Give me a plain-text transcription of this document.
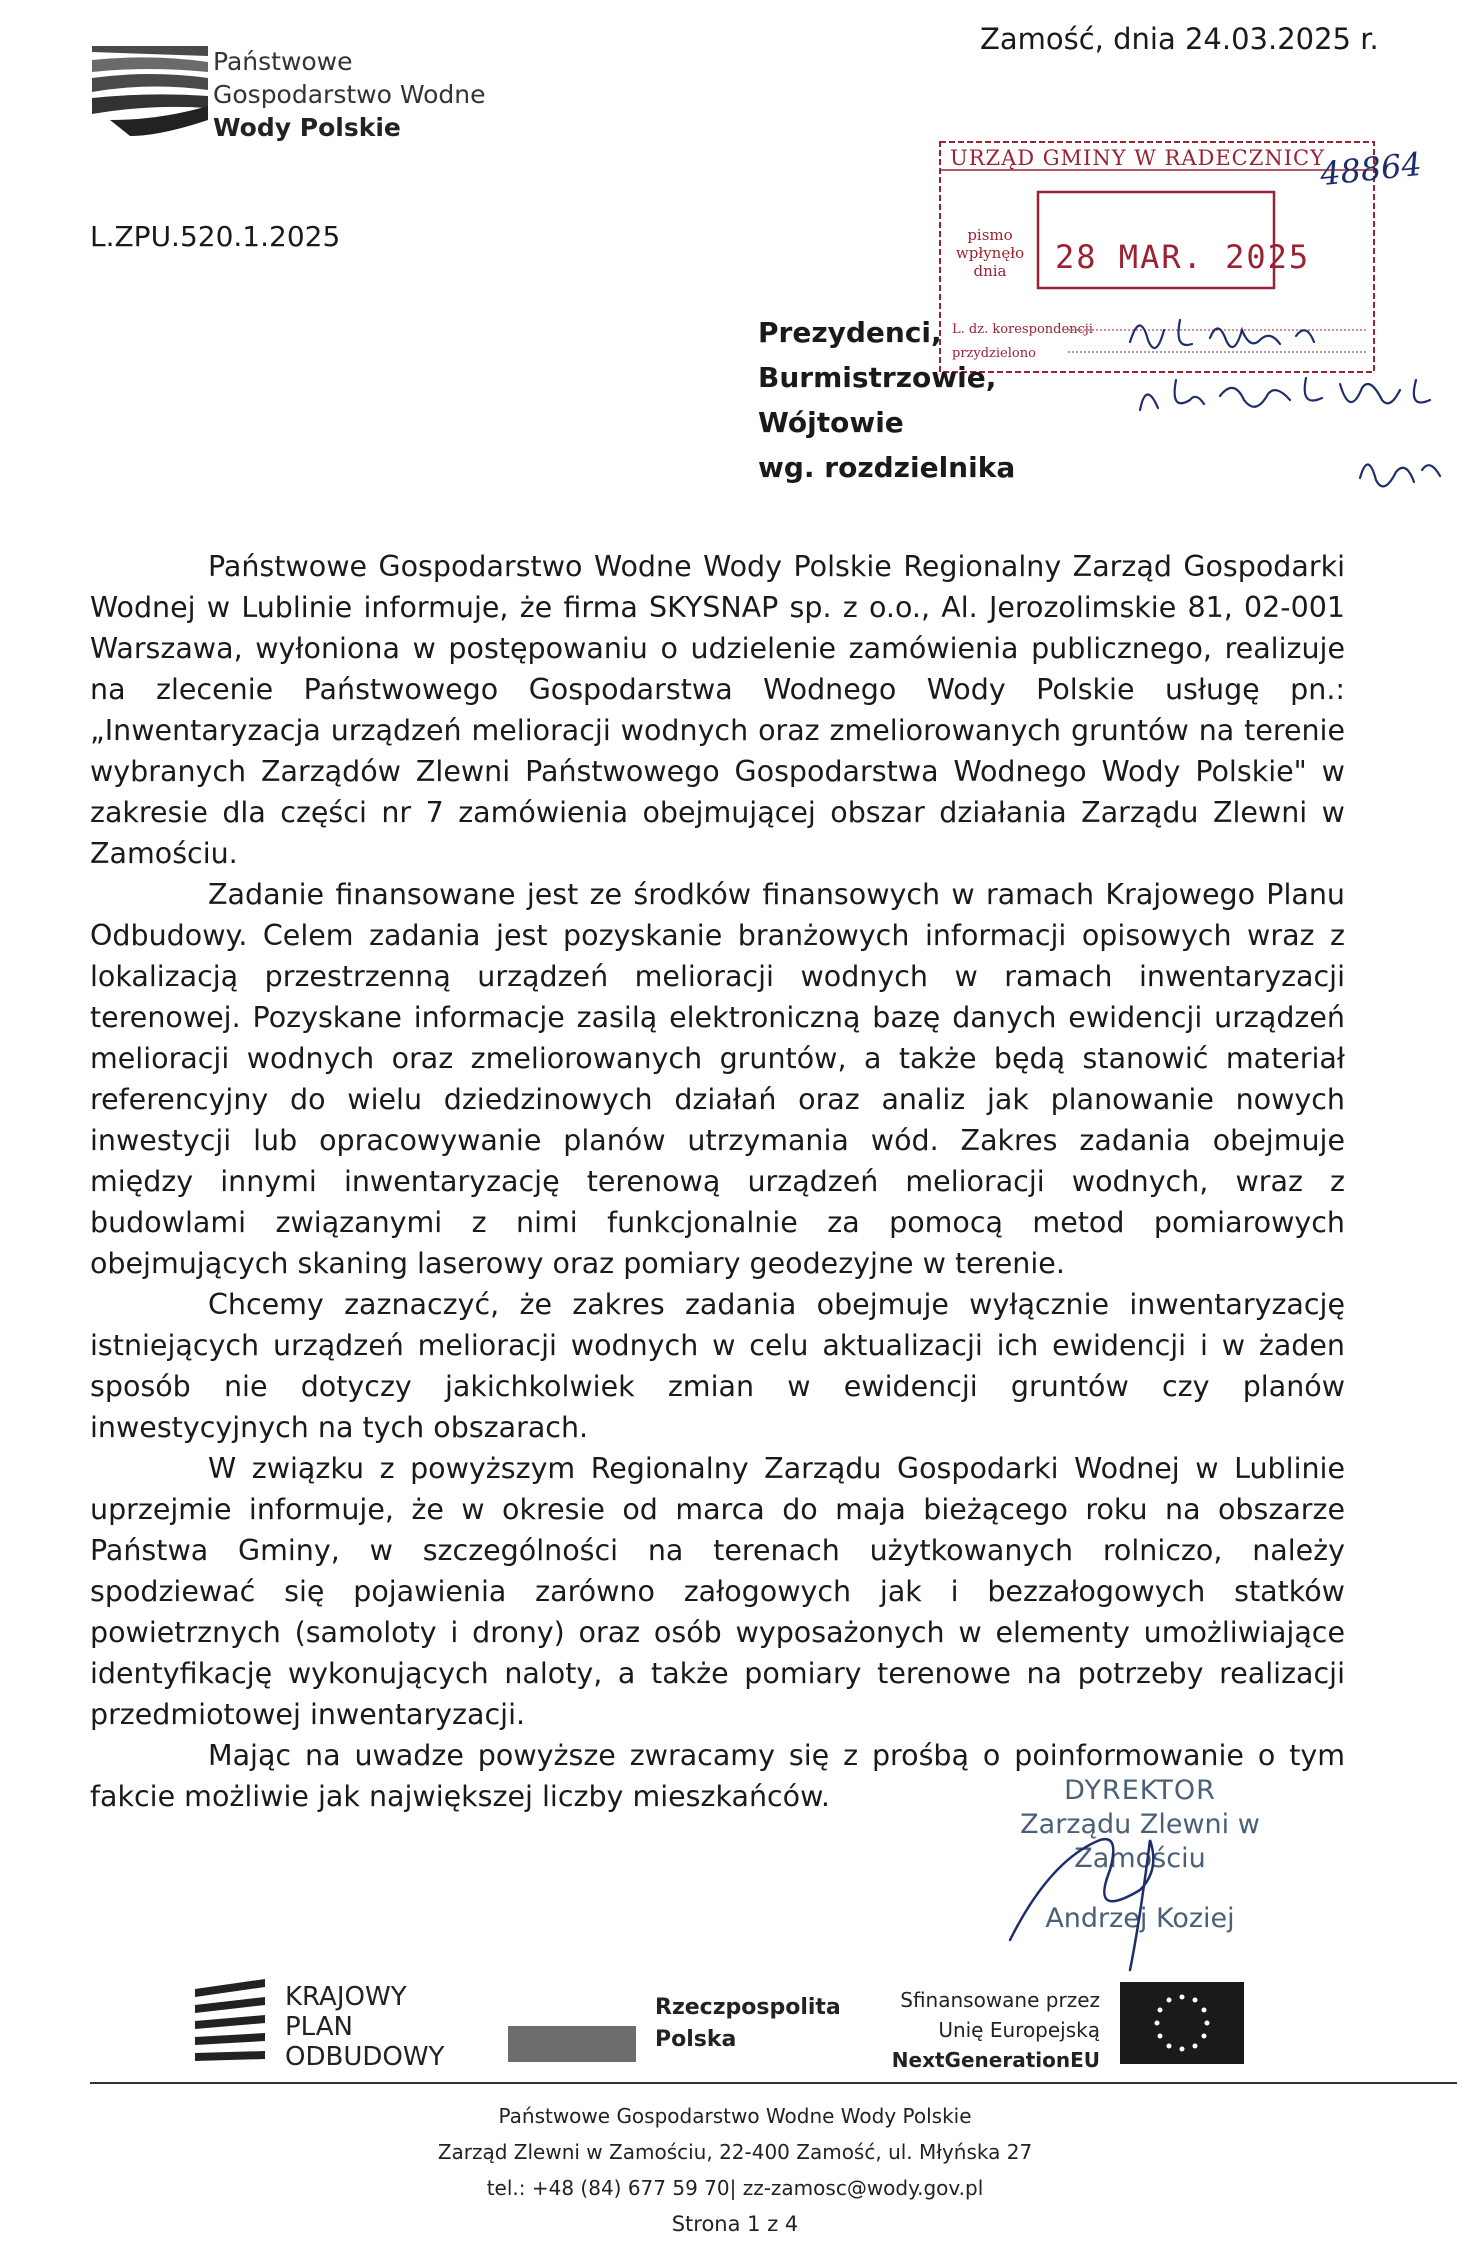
Państwowe
Gospodarstwo Wodne
Wody Polskie
Zamość, dnia 24.03.2025 r.
L.ZPU.520.1.2025
URZĄD GMINY W RADECZNICY
48864
pismo wpłynęło dnia	28 MAR. 2025
L. dz. korespondencji
przydzielono
Prezydenci,
Burmistrzowie,
Wójtowie
wg. rozdzielnika

Państwowe Gospodarstwo Wodne Wody Polskie Regionalny Zarząd Gospodarki Wodnej w Lublinie informuje, że firma SKYSNAP sp. z o.o., Al. Jerozolimskie 81, 02-001 Warszawa, wyłoniona w postępowaniu o udzielenie zamówienia publicznego, realizuje na zlecenie Państwowego Gospodarstwa Wodnego Wody Polskie usługę pn.: „Inwentaryzacja urządzeń melioracji wodnych oraz zmeliorowanych gruntów na terenie wybranych Zarządów Zlewni Państwowego Gospodarstwa Wodnego Wody Polskie" w zakresie dla części nr 7 zamówienia obejmującej obszar działania Zarządu Zlewni w Zamościu.

Zadanie finansowane jest ze środków finansowych w ramach Krajowego Planu Odbudowy. Celem zadania jest pozyskanie branżowych informacji opisowych wraz z lokalizacją przestrzenną urządzeń melioracji wodnych w ramach inwentaryzacji terenowej. Pozyskane informacje zasilą elektroniczną bazę danych ewidencji urządzeń melioracji wodnych oraz zmeliorowanych gruntów, a także będą stanowić materiał referencyjny do wielu dziedzinowych działań oraz analiz jak planowanie nowych inwestycji lub opracowywanie planów utrzymania wód. Zakres zadania obejmuje między innymi inwentaryzację terenową urządzeń melioracji wodnych, wraz z budowlami związanymi z nimi funkcjonalnie za pomocą metod pomiarowych obejmujących skaning laserowy oraz pomiary geodezyjne w terenie.

Chcemy zaznaczyć, że zakres zadania obejmuje wyłącznie inwentaryzację istniejących urządzeń melioracji wodnych w celu aktualizacji ich ewidencji i w żaden sposób nie dotyczy jakichkolwiek zmian w ewidencji gruntów czy planów inwestycyjnych na tych obszarach.

W związku z powyższym Regionalny Zarządu Gospodarki Wodnej w Lublinie uprzejmie informuje, że w okresie od marca do maja bieżącego roku na obszarze Państwa Gminy, w szczególności na terenach użytkowanych rolniczo, należy spodziewać się pojawienia zarówno załogowych jak i bezzałogowych statków powietrznych (samoloty i drony) oraz osób wyposażonych w elementy umożliwiające identyfikację wykonujących naloty, a także pomiary terenowe na potrzeby realizacji przedmiotowej inwentaryzacji.

Mając na uwadze powyższe zwracamy się z prośbą o poinformowanie o tym fakcie możliwie jak największej liczby mieszkańców.	DYREKTOR
Zarządu Zlewni w Zamościu
Andrzej Koziej
KRAJOWY
PLAN
ODBUDOWY
Rzeczpospolita
Polska
Sfinansowane przez
Unię Europejską
NextGenerationEU
Państwowe Gospodarstwo Wodne Wody Polskie
Zarząd Zlewni w Zamościu, 22-400 Zamość, ul. Młyńska 27
tel.: +48 (84) 677 59 70| zz-zamosc@wody.gov.pl
Strona 1 z 4
